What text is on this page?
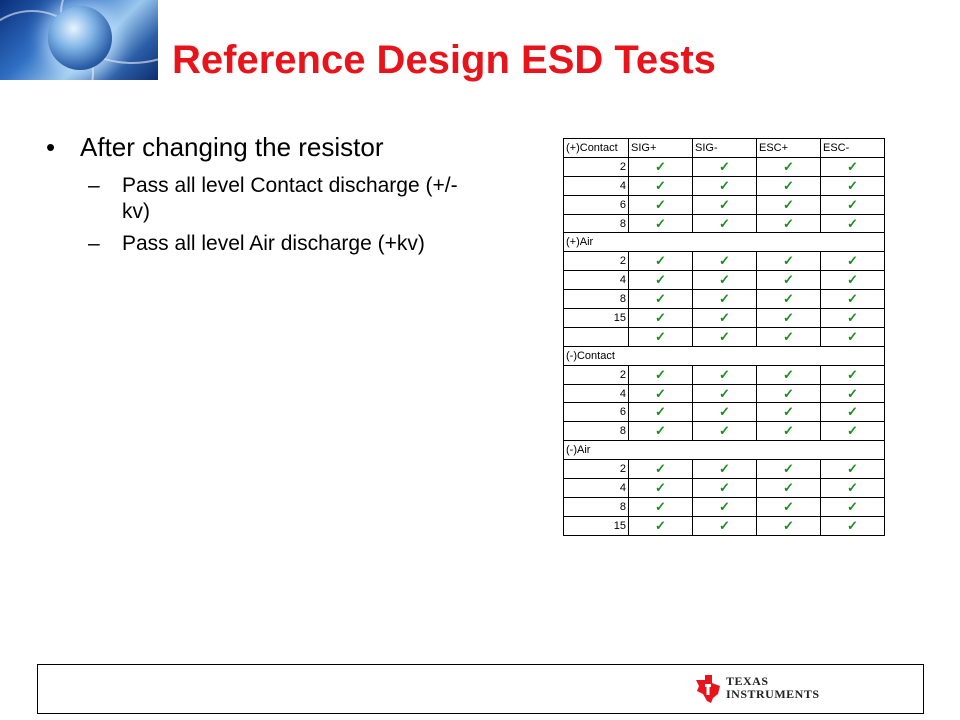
Reference Design ESD Tests
• After changing the resistor
– Pass all level Contact discharge (+/-kv)
– Pass all level Air discharge (+kv)
(+)Contact	SIG+	SIG-	ESC+	ESC-
2	✓	✓	✓	✓
4	✓	✓	✓	✓
6	✓	✓	✓	✓
8	✓	✓	✓	✓
(+)Air				
2	✓	✓	✓	✓
4	✓	✓	✓	✓
8	✓	✓	✓	✓
15	✓	✓	✓	✓
	✓	✓	✓	✓
(-)Contact				
2	✓	✓	✓	✓
4	✓	✓	✓	✓
6	✓	✓	✓	✓
8	✓	✓	✓	✓
(-)Air				
2	✓	✓	✓	✓
4	✓	✓	✓	✓
8	✓	✓	✓	✓
15	✓	✓	✓	✓
TEXAS
INSTRUMENTS
